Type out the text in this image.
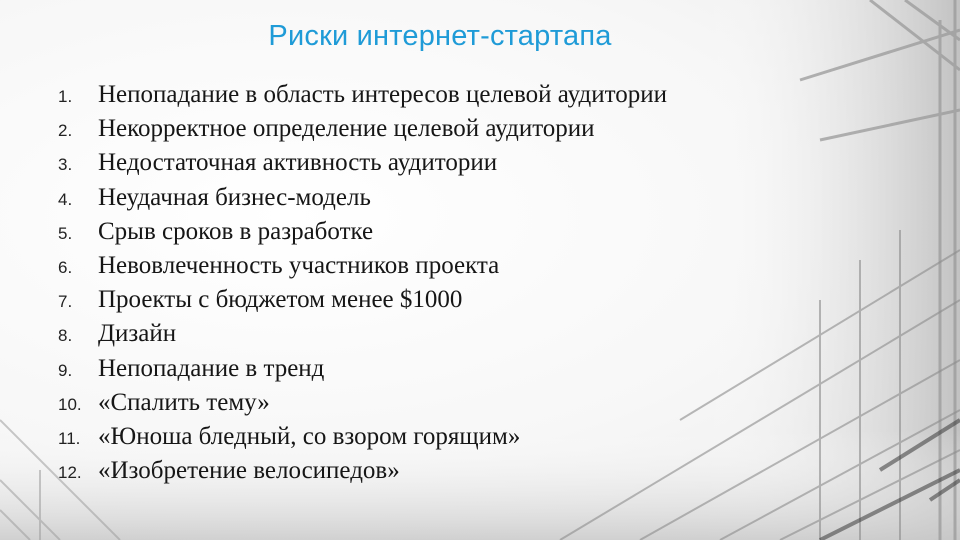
Риски интернет-стартапа
1.	Непопадание в область интересов целевой аудитории
2.	Некорректное определение целевой аудитории
3.	Недостаточная активность аудитории
4.	Неудачная бизнес-модель
5.	Срыв сроков в разработке
6.	Невовлеченность участников проекта
7.	Проекты с бюджетом менее $1000
8.	Дизайн
9.	Непопадание в тренд
10. «Спалить тему»
11. «Юноша бледный, со взором горящим»
12. «Изобретение велосипедов»
